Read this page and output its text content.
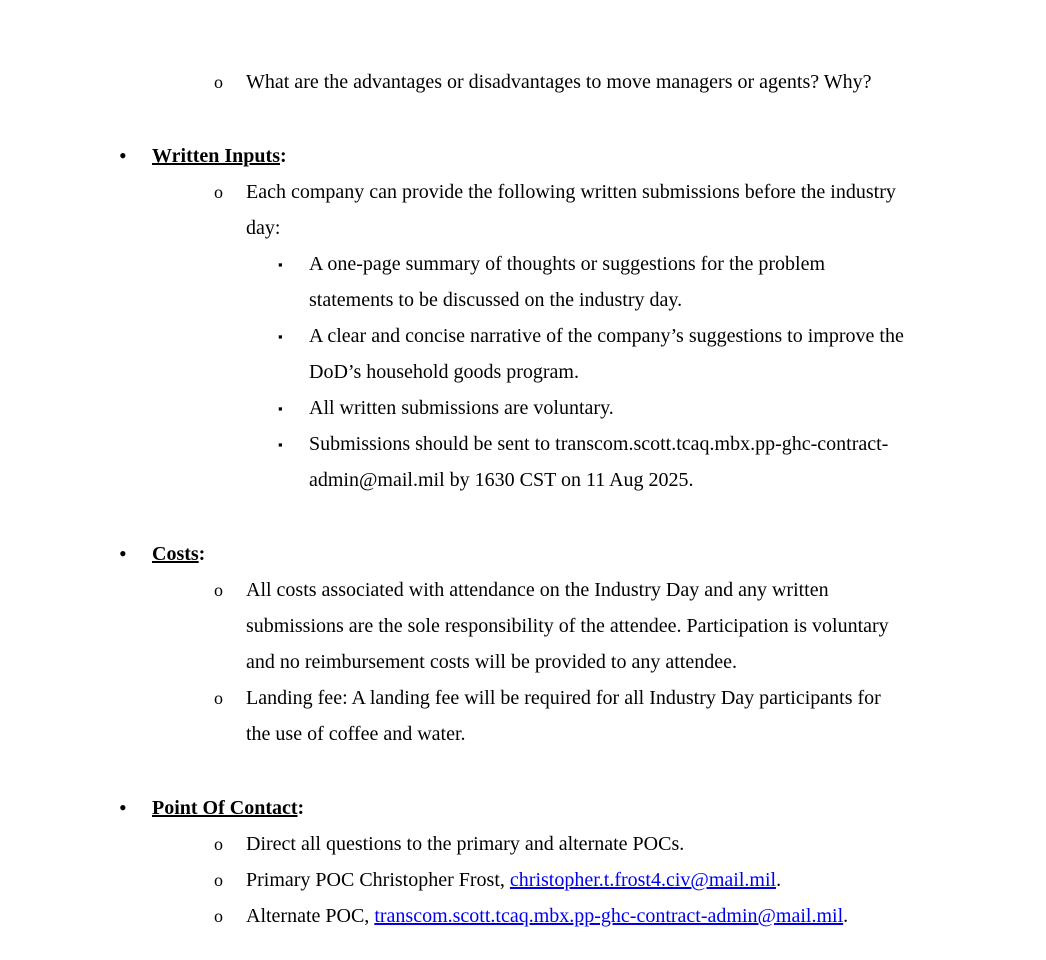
o What are the advantages or disadvantages to move managers or agents? Why?
• Written Inputs:
o Each company can provide the following written submissions before the industry
day:
▪ A one-page summary of thoughts or suggestions for the problem
statements to be discussed on the industry day.
▪ A clear and concise narrative of the company’s suggestions to improve the
DoD’s household goods program.
▪ All written submissions are voluntary.
▪ Submissions should be sent to transcom.scott.tcaq.mbx.pp-ghc-contract-
admin@mail.mil by 1630 CST on 11 Aug 2025.
• Costs:
o All costs associated with attendance on the Industry Day and any written
submissions are the sole responsibility of the attendee. Participation is voluntary
and no reimbursement costs will be provided to any attendee.
o Landing fee: A landing fee will be required for all Industry Day participants for
the use of coffee and water.
• Point Of Contact:
o Direct all questions to the primary and alternate POCs.
o Primary POC Christopher Frost, christopher.t.frost4.civ@mail.mil.
o Alternate POC, transcom.scott.tcaq.mbx.pp-ghc-contract-admin@mail.mil.
